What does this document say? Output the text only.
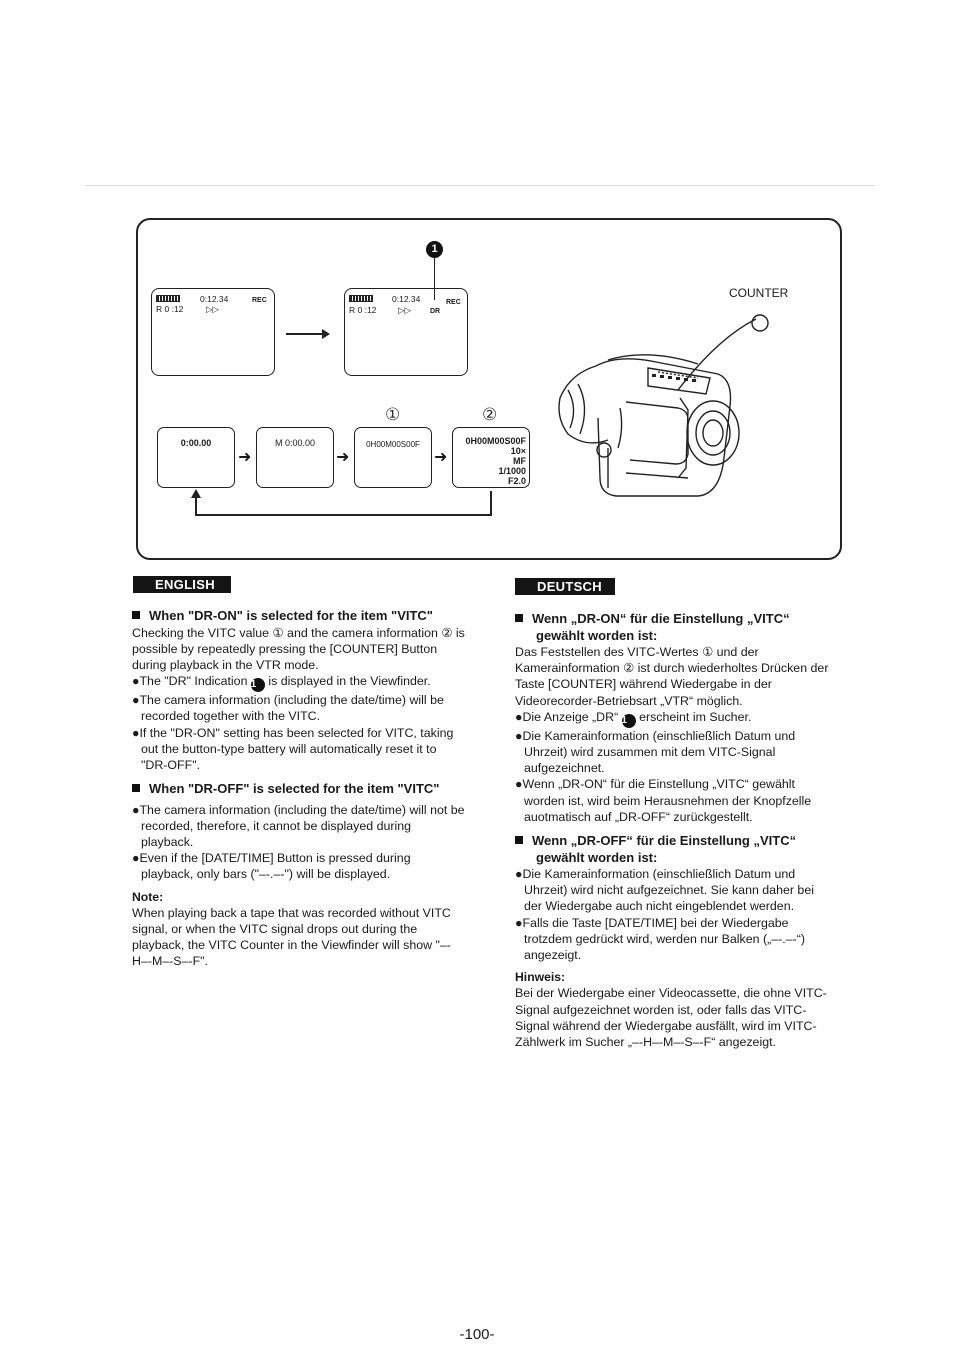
0:12.34	REC
R 0 :12	▷▷
0:12.34	REC
R 0 :12	▷▷	DR
1
①	②
0:00.00
➜
M 0:00.00
➜
0H00M00S00F
➜
0H00M00S00F
10×
MF
1/1000
F2.0
COUNTER
ENGLISH
When "DR-ON" is selected for the item "VITC"

Checking the VITC value ① and the camera information ② is possible by repeatedly pressing the [COUNTER] Button during playback in the VTR mode.

●The "DR" Indication 1 is displayed in the Viewfinder.

●The camera information (including the date/time) will be recorded together with the VITC.

●If the "DR-ON" setting has been selected for VITC, taking out the button-type battery will automatically reset it to "DR-OFF".

When "DR-OFF" is selected for the item "VITC"

●The camera information (including the date/time) will not be recorded, therefore, it cannot be displayed during playback.

●Even if the [DATE/TIME] Button is pressed during playback, only bars ("–-.–-") will be displayed.

Note:

When playing back a tape that was recorded without VITC signal, or when the VITC signal drops out during the playback, the VITC Counter in the Viewfinder will show "–-H–-M–-S–-F".

DEUTSCH
Wenn „DR-ON“ für die Einstellung „VITC“ gewählt worden ist:

Das Feststellen des VITC-Wertes ① und der Kamerainformation ② ist durch wiederholtes Drücken der Taste [COUNTER] während Wiedergabe in der Videorecorder-Betriebsart „VTR“ möglich.

●Die Anzeige „DR“ 1 erscheint im Sucher.

●Die Kamerainformation (einschließlich Datum und Uhrzeit) wird zusammen mit dem VITC-Signal aufgezeichnet.

●Wenn „DR-ON“ für die Einstellung „VITC“ gewählt worden ist, wird beim Herausnehmen der Knopfzelle auotmatisch auf „DR-OFF“ zurückgestellt.

Wenn „DR-OFF“ für die Einstellung „VITC“ gewählt worden ist:

●Die Kamerainformation (einschließlich Datum und Uhrzeit) wird nicht aufgezeichnet. Sie kann daher bei der Wiedergabe auch nicht eingeblendet werden.

●Falls die Taste [DATE/TIME] bei der Wiedergabe trotzdem gedrückt wird, werden nur Balken („–-.–-“) angezeigt.

Hinweis:

Bei der Wiedergabe einer Videocassette, die ohne VITC-Signal aufgezeichnet worden ist, oder falls das VITC-Signal während der Wiedergabe ausfällt, wird im VITC-Zählwerk im Sucher „–-H–-M–-S–-F“ angezeigt.

-100-
